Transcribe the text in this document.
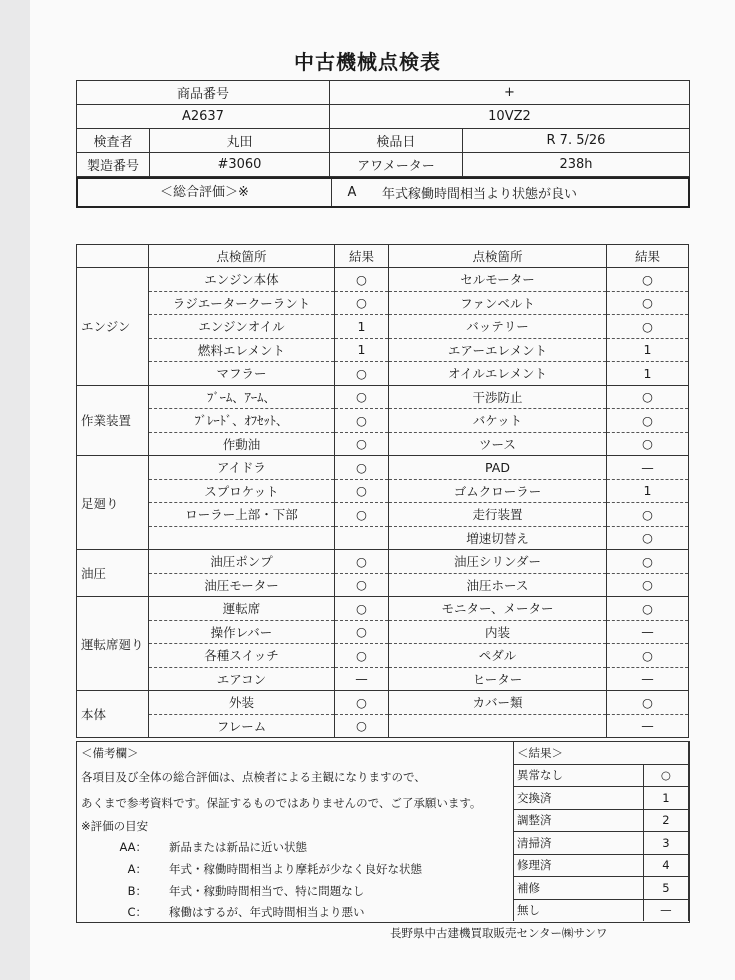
中古機械点検表
商品番号		+	
A2637		10VZ2	
検査者	丸田	検品日	R 7. 5/26
製造番号	#3060	アワメーター	238h
＜総合評価＞※	A	年式稼働時間相当より状態が良い
	点検箇所	結果	点検箇所	結果
エンジン	エンジン本体	○	セルモーター	○
	ラジエータークーラント	○	ファンベルト	○
	エンジンオイル	1	バッテリー	○
	燃料エレメント	1	エアーエレメント	1
	マフラー	○	オイルエレメント	1
作業装置	ﾌﾞｰﾑ、ｱｰﾑ、	○	干渉防止	○
	ﾌﾞﾚｰﾄﾞ、ｵﾌｾｯﾄ、	○	バケット	○
	作動油	○	ツース	○
足廻り	アイドラ	○	PAD	—
	スプロケット	○	ゴムクローラー	1
	ローラー上部・下部	○	走行装置	○
			増速切替え	○
油圧	油圧ポンプ	○	油圧シリンダー	○
	油圧モーター	○	油圧ホース	○
運転席廻り	運転席	○	モニター、メーター	○
	操作レバー	○	内装	—
	各種スイッチ	○	ペダル	○
	エアコン	—	ヒーター	—
本体	外装	○	カバー類	○
	フレーム	○		—
＜備考欄＞
各項目及び全体の総合評価は、点検者による主観になりますので、
あくまで参考資料です。保証するものではありませんので、ご了承願います。
※評価の目安
AA： 新品または新品に近い状態
A： 年式・稼働時間相当より摩耗が少なく良好な状態
B： 年式・稼動時間相当で、特に問題なし
C： 稼働はするが、年式時間相当より悪い
＜結果＞	
異常なし	○
交換済	1
調整済	2
清掃済	3
修理済	4
補修	5
無し	—
長野県中古建機買取販売センター㈱サンワ
